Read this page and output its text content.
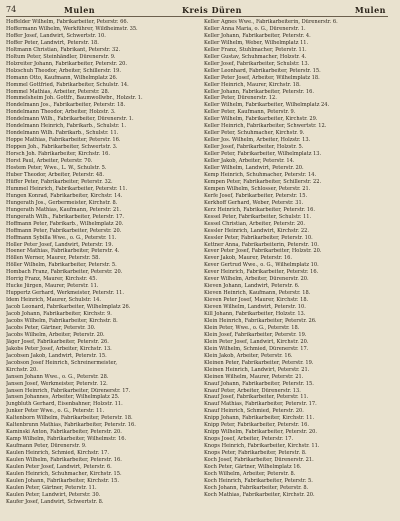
74	Mulen	Kreis Düren	Mulen
Hoffelder Wilhelm, Fabrikarbeiter, Peterstr. 66.
Hoffermann Wilhelm, Werkführer, Wildheimstr. 35.
Hoffer Josef, Landwirt, Schwertstr. 10.
Hoffer Peter, Landwirt, Peterstr. 18.
Holtmann Christian, Fabrikant, Peterstr. 32.
Holtum Peter, Steinhändler, Dürenerstr. 9.
Holzreiter Johann, Fabrikarbeiter, Peterstr. 20.
Holzschuh Theodor, Arbeiter, Schillerstr. 19.
Homann Otto, Kaufmann, Wilhelmplatz 26.
Hommel Gottfried, Fabrikarbeiter, Schulstr. 14.
Hommel Mathias, Arbeiter, Peterstr. 28.
Hommelsheim Joh. Gottfr., Baumwollwbr., Holzstr. 1.
Hondelmann Jos., Fabrikarbeiter, Peterstr. 18.
Hondelmann Theodor, Arbeiter, Holzstr. 3.
Hondelmann Wilh., Fabrikarbeiter, Dürenerstr. 1.
Hondelmann Heinrich, Fabrikarb., Schulstr. 1.
Hondelmann Wilh. Fabrikarb., Schulstr. 11.
Hoppe Mathias, Fabrikarbeiter, Peterstr. 16.
Hoppen Joh., Fabrikarbeiter, Schwertstr. 3.
Horsch Joh. Fabrikarbeiter, Kirchstr. 16.
Horst Paul, Arbeiter, Peterstr. 70.
Hostem Peter, Wwe., L. W., Schulstr. 5.
Huber Theodor, Arbeiter, Peterstr. 48.
Hüffer Peter, Fabrikarbeiter, Peterstr. 32.
Hummel Heinrich, Fabrikarbeiter, Peterstr. 11.
Hungen Konrad, Fabrikarbeiter, Kirchstr. 14.
Hungerath Jos., Gerbermeister, Kirchstr. 8.
Hungerath Mathias, Kaufmann, Peterstr. 21.
Hungerath Wilh., Fabrikarbeiter, Peterstr. 17.
Hoffmann Peter, Fabrikarb., Wilhelmplatz 20.
Hoffmann Peter, Fabrikarbeiter, Peterstr. 20.
Hoffmann Sybilla Wwe., o. G., Peterstr. 11.
Holler Peter Josef, Landwirt, Peterstr. 19.
Hoener Mathias, Fabrikarbeiter, Peterstr. 4.
Höllen Werner, Maurer, Peterstr. 58.
Höller Wilhelm, Fabrikarbeiter, Peterstr. 5.
Hombach Franz, Fabrikarbeiter, Peterstr. 20.
Horrig Franz, Maurer, Kirchstr. 45.
Hucke Jürgen, Maurer, Peterstr. 11.
Huppertz Gerhard, Werkmeister, Peterstr. 11.
Idem Heinrich, Maurer, Schulstr. 14.
Jacob Leonard, Fabrikarbeiter, Wilhelmplatz 26.
Jacob Johann, Fabrikarbeiter, Kirchstr. 9.
Jacobs Wilhelm, Fabrikarbeiter, Kirchstr. 8.
Jacobs Peter, Gärtner, Peterstr. 30.
Jacobs Wilhelm, Arbeiter, Peterstr. 20.
Jäger Josef, Fabrikarbeiter, Peterstr. 26.
Jakobs Peter Josef, Arbeiter, Kirchstr. 13.
Jacobsen Jakob, Landwirt, Peterstr. 15.
Jacobson Josef Heinrich, Schreinermeister,
Kirchstr. 20.
Jansen Johann Wwe., o. G., Peterstr. 28.
Jansen Josef, Werkmeister, Peterstr. 12.
Jansen Heinrich, Fabrikarbeiter, Dürenerstr. 17.
Jansen Johannes, Arbeiter, Wilhelmplatz 25.
Jungbluth Gerhard, Eisenbahner, Holzstr. 11.
Junker Peter Wwe., o. G., Peterstr. 11.
Kaltenborn Wilhelm, Fabrikarbeiter, Peterstr. 18.
Kaltenbrunn Mathias, Fabrikarbeiter, Peterstr. 16.
Kaminski Anton, Fabrikarbeiter, Peterstr. 20.
Kamp Wilhelm, Fabrikarbeiter, Wilhelmstr. 16.
Kaufmann Peter, Dürenerstr. 9.
Kaulen Heinrich, Schmied, Kirchstr. 17.
Kaulen Wilhelm, Fabrikarbeiter, Peterstr. 16.
Kaulen Peter Josef, Landwirt, Peterstr. 6.
Kaulen Heinrich, Schuhmacher, Kirchstr. 15.
Kaulen Johann, Fabrikarbeiter, Kirchstr. 15.
Kaulen Peter, Gärtner, Peterstr. 11.
Kaulen Peter, Landwirt, Peterstr. 30.
Kaufer Josef, Landwirt, Schwertstr. 8.
Keller Agnes Wwe., Fabrikarbeiterin, Dürenerstr. 6.
Keller Anna Maria, o. G., Dürenerstr. 1.
Keller Johann, Fabrikarbeiter, Peterstr. 4.
Keller Wilhelm, Weber, Wilhelmplatz 11.
Keller Franz, Stuhlmacher, Peterstr. 11.
Keller Gustav, Schuhmacher, Holzstr. 4.
Keller Josef, Fabrikarbeiter, Schulstr. 13.
Keller Leonhard, Fabrikarbeiter, Peterstr. 15.
Keller Peter Josef, Arbeiter, Wilhelmplatz 18.
Keller Heinrich, Maurer, Kirchstr. 18.
Keller Johann, Fabrikarbeiter, Peterstr. 16.
Keller Peter, Dürenerstr. 12.
Keller Wilhelm, Fabrikarbeiter, Wilhelmplatz 24.
Keller Peter, Kaufmann, Peterstr. 9.
Keller Wilhelm, Fabrikarbeiter, Kirchstr. 29.
Keller Heinrich, Fabrikarbeiter, Schwertstr. 12.
Keller Peter, Schuhmacher, Kirchstr. 9.
Keller Jos. Wilhelm, Arbeiter, Holzstr. 13.
Keller Josef, Fabrikarbeiter, Holzstr. 5.
Keller Peter, Fabrikarbeiter, Wilhelmplatz 13.
Keller Jakob, Arbeiter, Peterstr. 14.
Keller Wilhelm, Landwirt, Peterstr. 20.
Kemp Heinrich, Schuhmacher, Peterstr. 14.
Kempen Peter, Fabrikarbeiter, Schillerstr. 22.
Kempen Wilhelm, Schlosser, Peterstr. 21.
Kerfe Josef, Fabrikarbeiter, Peterstr. 15.
Kerkhoff Gerhard, Weber, Peterstr. 31.
Kerz Heinrich, Fabrikarbeiter, Peterstr. 16.
Kessel Peter, Fabrikarbeiter, Schulstr. 11.
Kessel Christian, Arbeiter, Peterstr. 20.
Kessler Heinrich, Landwirt, Kirchstr. 22.
Kessler Peter, Fabrikarbeiter, Peterstr. 10.
Kettner Anna, Fabrikarbeiterin, Peterstr. 10.
Kever Peter Josef, Fabrikarbeiter, Holzstr. 20.
Kever Jakob, Maurer, Peterstr. 16.
Kever Gertrud Wwe., o. G., Wilhelmplatz 10.
Kever Heinrich, Fabrikarbeiter, Peterstr. 16.
Kever Wilhelm, Arbeiter, Dürenerstr. 20.
Kieven Johann, Landwirt, Peterstr. 6.
Kieven Heinrich, Kaufmann, Peterstr. 18.
Kieven Peter Josef, Maurer, Kirchstr. 18.
Kieven Wilhelm, Landwirt, Peterstr. 10.
Kill Johann, Fabrikarbeiter, Holzstr. 13.
Klein Heinrich, Fabrikarbeiter, Peterstr. 26.
Klein Peter, Wwe., o. G., Peterstr. 18.
Klein Josef, Fabrikarbeiter, Peterstr. 19.
Klein Peter Josef, Landwirt, Kirchstr. 20.
Klein Wilhelm, Schmied, Dürenerstr. 17.
Klein Jakob, Arbeiter, Peterstr. 16.
Kleinen Peter, Fabrikarbeiter, Peterstr. 19.
Kleinen Heinrich, Landwirt, Peterstr. 21.
Kleinen Wilhelm, Maurer, Peterstr. 21.
Knauf Johann, Fabrikarbeiter, Peterstr. 15.
Knauf Peter, Arbeiter, Dürenerstr. 13.
Knauf Josef, Fabrikarbeiter, Peterstr. 11.
Knauf Mathias, Fabrikarbeiter, Peterstr. 17.
Knauf Heinrich, Schmied, Peterstr. 20.
Knipp Johann, Fabrikarbeiter, Kirchstr. 11.
Knipp Peter, Fabrikarbeiter, Peterstr. 16.
Knipp Wilhelm, Fabrikarbeiter, Peterstr. 20.
Knops Josef, Arbeiter, Peterstr. 17.
Knops Heinrich, Fabrikarbeiter, Kirchstr. 11.
Knops Peter, Fabrikarbeiter, Peterstr. 8.
Koch Josef, Fabrikarbeiter, Dürenerstr. 21.
Koch Peter, Gärtner, Wilhelmplatz 16.
Koch Wilhelm, Arbeiter, Peterstr. 8.
Koch Heinrich, Fabrikarbeiter, Peterstr. 5.
Koch Johann, Fabrikarbeiter, Peterstr. 8.
Koch Mathias, Fabrikarbeiter, Kirchstr. 20.
